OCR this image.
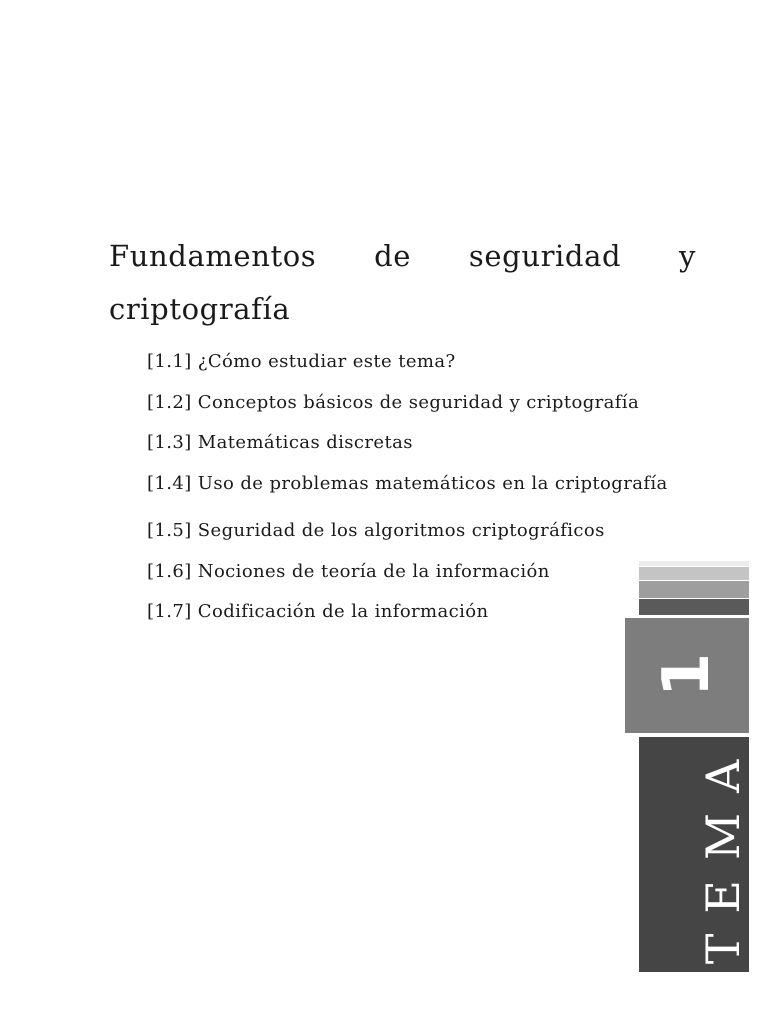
Fundamentos de seguridad y criptografía
[1.1] ¿Cómo estudiar este tema?
[1.2] Conceptos básicos de seguridad y criptografía
[1.3] Matemáticas discretas
[1.4] Uso de problemas matemáticos en la criptografía
[1.5] Seguridad de los algoritmos criptográficos
[1.6] Nociones de teoría de la información
[1.7] Codificación de la información
1
TEMA
